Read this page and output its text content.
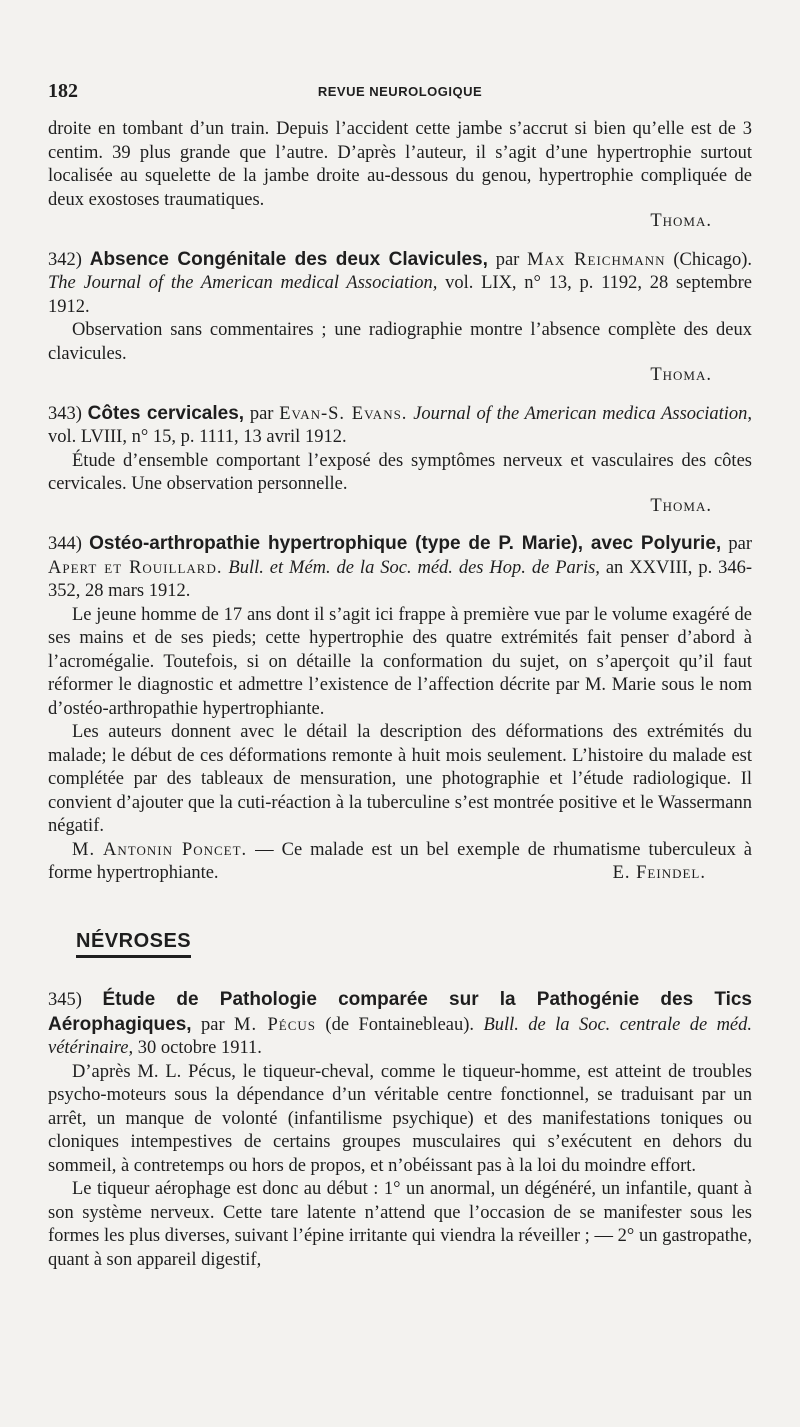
182	REVUE NEUROLOGIQUE

droite en tombant d’un train. Depuis l’accident cette jambe s’accrut si bien qu’elle est de 3 centim. 39 plus grande que l’autre. D’après l’auteur, il s’agit d’une hypertrophie surtout localisée au squelette de la jambe droite au-dessous du genou, hypertrophie compliquée de deux exostoses traumatiques.

Thoma.

342) Absence Congénitale des deux Clavicules, par Max Reichmann (Chicago). The Journal of the American medical Association, vol. LIX, n° 13, p. 1192, 28 septembre 1912.

Observation sans commentaires ; une radiographie montre l’absence complète des deux clavicules.

Thoma.

343) Côtes cervicales, par Evan-S. Evans. Journal of the American medica Association, vol. LVIII, n° 15, p. 1111, 13 avril 1912.

Étude d’ensemble comportant l’exposé des symptômes nerveux et vasculaires des côtes cervicales. Une observation personnelle.

Thoma.

344) Ostéo-arthropathie hypertrophique (type de P. Marie), avec Polyurie, par Apert et Rouillard. Bull. et Mém. de la Soc. méd. des Hop. de Paris, an XXVIII, p. 346-352, 28 mars 1912.

Le jeune homme de 17 ans dont il s’agit ici frappe à première vue par le volume exagéré de ses mains et de ses pieds; cette hypertrophie des quatre extrémités fait penser d’abord à l’acromégalie. Toutefois, si on détaille la conformation du sujet, on s’aperçoit qu’il faut réformer le diagnostic et admettre l’existence de l’affection décrite par M. Marie sous le nom d’ostéo-arthropathie hypertrophiante.

Les auteurs donnent avec le détail la description des déformations des extrémités du malade; le début de ces déformations remonte à huit mois seulement. L’histoire du malade est complétée par des tableaux de mensuration, une photographie et l’étude radiologique. Il convient d’ajouter que la cuti-réaction à la tuberculine s’est montrée positive et le Wassermann négatif.

M. Antonin Poncet. — Ce malade est un bel exemple de rhumatisme tuberculeux à forme hypertrophiante.	E. Feindel.

NÉVROSES

345) Étude de Pathologie comparée sur la Pathogénie des Tics Aérophagiques, par M. Pécus (de Fontainebleau). Bull. de la Soc. centrale de méd. vétérinaire, 30 octobre 1911.

D’après M. L. Pécus, le tiqueur-cheval, comme le tiqueur-homme, est atteint de troubles psycho-moteurs sous la dépendance d’un véritable centre fonctionnel, se traduisant par un arrêt, un manque de volonté (infantilisme psychique) et des manifestations toniques ou cloniques intempestives de certains groupes musculaires qui s’exécutent en dehors du sommeil, à contretemps ou hors de propos, et n’obéissant pas à la loi du moindre effort.

Le tiqueur aérophage est donc au début : 1° un anormal, un dégénéré, un infantile, quant à son système nerveux. Cette tare latente n’attend que l’occasion de se manifester sous les formes les plus diverses, suivant l’épine irritante qui viendra la réveiller ; — 2° un gastropathe, quant à son appareil digestif,
